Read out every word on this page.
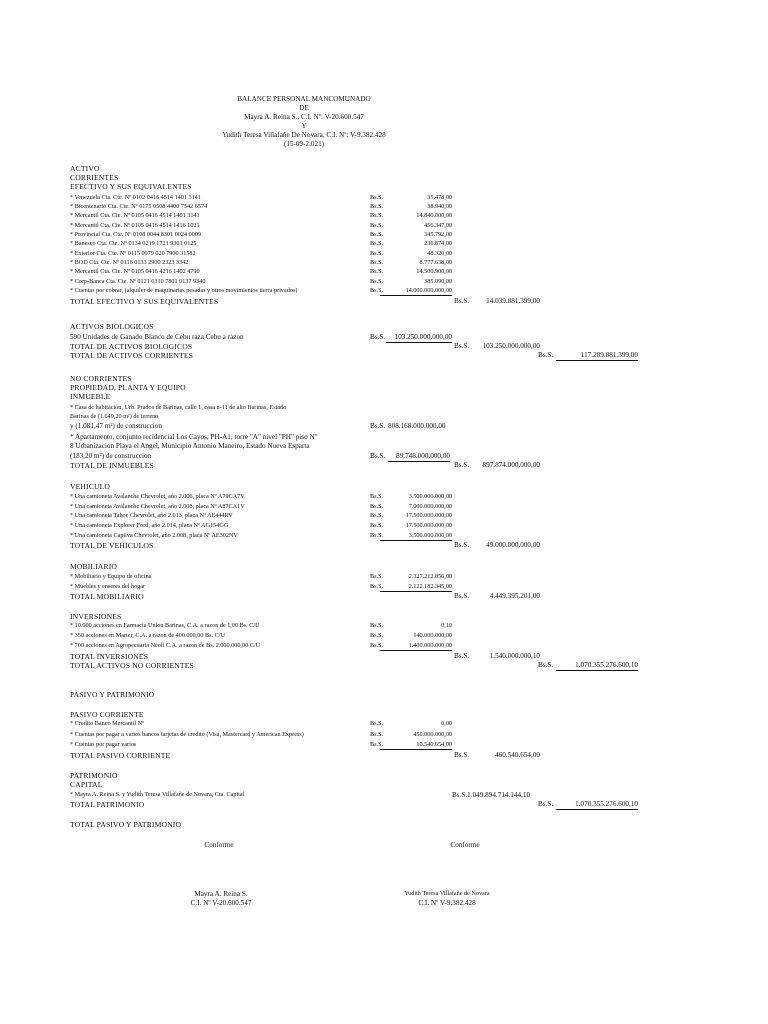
BALANCE PERSONAL MANCOMUNADO
DE
Mayra A. Reina S., C.I. Nº: V-20.600.547
Y
Yudith Teresa Villafañe De Novara, C.I. Nº: V-9.382.428
(15-09-2.021)
ACTIVO
CORRIENTES
EFECTIVO Y SUS EQUIVALENTES
* Venezuela Cta. Cte. Nº 0102 0416 4514 1401 3141	Bs.S.	35.478,00
* Bicentenario Cta. Cte. Nº 0175 0508 4400 7542 6574	Bs.S.	38.940,00
* Mercantil Cta. Cte. Nº 0105 0416 4514 1401 3141	Bs.S.	14.840.000,00
* Mercantil Cta. Cte. Nº 0105 0416 4514 1416 1021	Bs.S.	456.347,00
* Provincial Cta. Cte. Nº 0108 0044 8301 0024 0009	Bs.S.	345.792,00
* Banesco Cta. Cte. Nº 0134 0219 1721 9301 0125	Bs.S.	236.874,00
* Exterior Cta. Cte. Nº 0115 0079 020 7900 31582	Bs.S.	48.320,00
* BOD Cta. Cte. Nº 0116 0133 2900 2323 3342	Bs.S.	8.777.638,00
* Mercantil Cta. Cte. Nº 0105 0416 4216 1402 4790	Bs.S.	14.500.900,00
* Corp-Banca Cta. Cte. Nº 0121 0310 7801 0137 9340	Bs.S.	385.090,00
* Cuentas por cobrar, (alquiler de maquinarias pesadas y otros movimientos tierra privados)	Bs.S.	14.000.000.000,00
TOTAL EFECTIVO Y SUS EQUIVALENTES	Bs.S.	14.039.881.399,00
ACTIVOS BIOLOGICOS
590 Unidades de Ganado Blanco de Cebu raza Cebu a razon	Bs.S.	103.250.000.000,00
TOTAL DE ACTIVOS BIOLOGICOS	Bs.S.	103.250.000.000,00
TOTAL DE ACTIVOS CORRIENTES	Bs.S.	117.289.881.399,00
NO CORRIENTES
PROPIEDAD, PLANTA Y EQUIPO
INMUEBLE
* Casa de habitación, Urb. Prados de Barinas, calle 1, casa n-11 de alto Barinas, Estado
Barinas de (1.649,20 m²) de terreno
y (1.081,47 m²) de construccion	Bs.S. 808.168.000.000,00
* Apartamento, conjunto recidencial Los Cayos, PH-A1, torre "A" nivel "PH" piso Nº
8 Urbanizacion Playa el Angel, Municipio Antonio Maneiro, Estado Nueva Esparta
(183,20 m²) de construccion	Bs.S.	89.748.000.000,00
TOTAL DE INMUEBLES	Bs.S.	897.874.000.000,00
VEHICULO
* Una camioneta Avalanche Chevrolet, año 2.006, placa Nº A79CA7V	Bs.S.	3.500.000.000,00
* Una camioneta Avalanche Chevrolet, año 2.008, placa Nº A87CA1V	Bs.S.	7.000.000.000,00
* Una camioneta Tahoe Chevrolet, año 2.013, placa Nº AE444RV	Bs.S.	17.500.000.000,00
* Una camioneta Explorer Ford, año 2.014, placa Nº AG154GG	Bs.S.	17.500.000.000,00
* Una camioneta Captiva Chevrolet, año 2.008, placa Nº AE302NV	Bs.S.	3.500.000.000,00
TOTAL DE VEHICULOS	Bs.S.	49.000.000.000,00
MOBILIARIO
* Mobiliario y Equipo de oficina	Bs.S.	2.327.212.856,00
* Muebles y enseres del hogar	Bs.S.	2.122.182.345,00
TOTAL MOBILIARIO	Bs.S.	4.449.395.201,00
INVERSIONES
* 10.000 acciones en Farmacia Union Barinas, C.A. a razon de 1,00 Bs. C/U	Bs.S.	0,10
* 350 acciones en Marter, C.A. a razon de 400.000,00 Bs. C/U	Bs.S.	140.000.000,00
* 700 acciones en Agropecuaria Neoll C.A. a razon de Bs. 2.000.000,00 C/U	Bs.S.	1.400.000.000,00
TOTAL INVERSIONES	Bs.S.	1.540.000.000,10
TOTAL ACTIVOS NO CORRIENTES	Bs.S.	1.070.355.276.600,10
PASIVO Y PATRIMONIO
PASIVO CORRIENTE
* Credito Banco Mercantil Nº	Bs.S.	0,00
* Cuentas por pagar a varios bancos tarjetas de credito (Visa, Mastercard y American Express)	Bs.S.	450.000.000,00
* Cuentas por pagar varios	Bs.S.	10.540.654,00
TOTAL PASIVO CORRIENTE	Bs.S.	460.540.654,00
PATRIMONIO
CAPITAL
* Mayra A. Reina S. y Yudith Teresa Villafañe de Novara, Cta. Capital	Bs.S.1.049.894.714.144,10
TOTAL PATRIMONIO	Bs.S.	1.070.355.276.600,10
TOTAL PASIVO Y PATRIMONIO
Conforme	Conforme
Mayra A. Reina S.
C.I. Nº V-20.600.547
Yudith Teresa Villafañe de Novara
C.I. Nº V-9.382.428
